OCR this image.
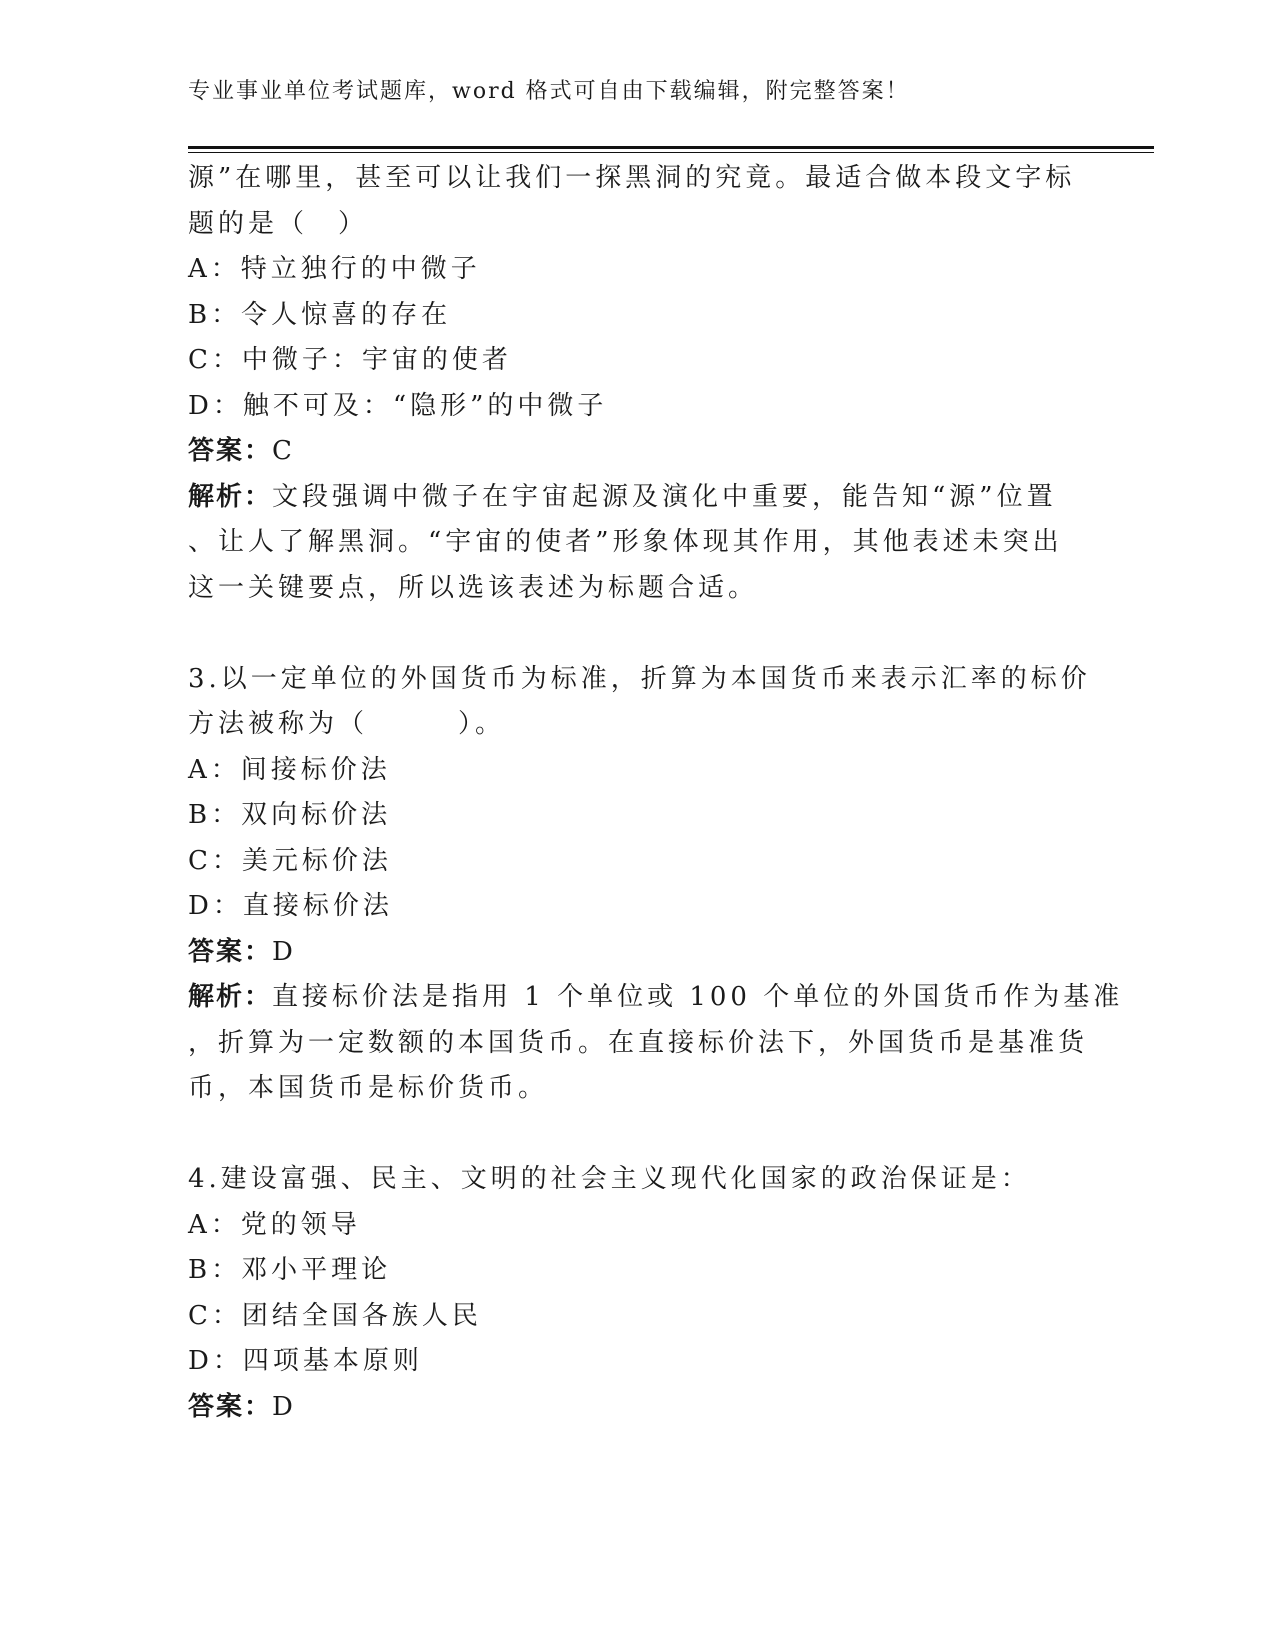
专业事业单位考试题库，word 格式可自由下载编辑，附完整答案！
源”在哪里，甚至可以让我们一探黑洞的究竟。最适合做本段文字标
题的是（　）
A：特立独行的中微子
B：令人惊喜的存在
C：中微子：宇宙的使者
D：触不可及：“隐形”的中微子
答案：C
解析：文段强调中微子在宇宙起源及演化中重要，能告知“源”位置
、让人了解黑洞。“宇宙的使者”形象体现其作用，其他表述未突出
这一关键要点，所以选该表述为标题合适。
3.以一定单位的外国货币为标准，折算为本国货币来表示汇率的标价
方法被称为（　　　）。
A：间接标价法
B：双向标价法
C：美元标价法
D：直接标价法
答案：D
解析：直接标价法是指用 1 个单位或 100 个单位的外国货币作为基准
，折算为一定数额的本国货币。在直接标价法下，外国货币是基准货
币，本国货币是标价货币。
4.建设富强、民主、文明的社会主义现代化国家的政治保证是：
A：党的领导
B：邓小平理论
C：团结全国各族人民
D：四项基本原则
答案：D
